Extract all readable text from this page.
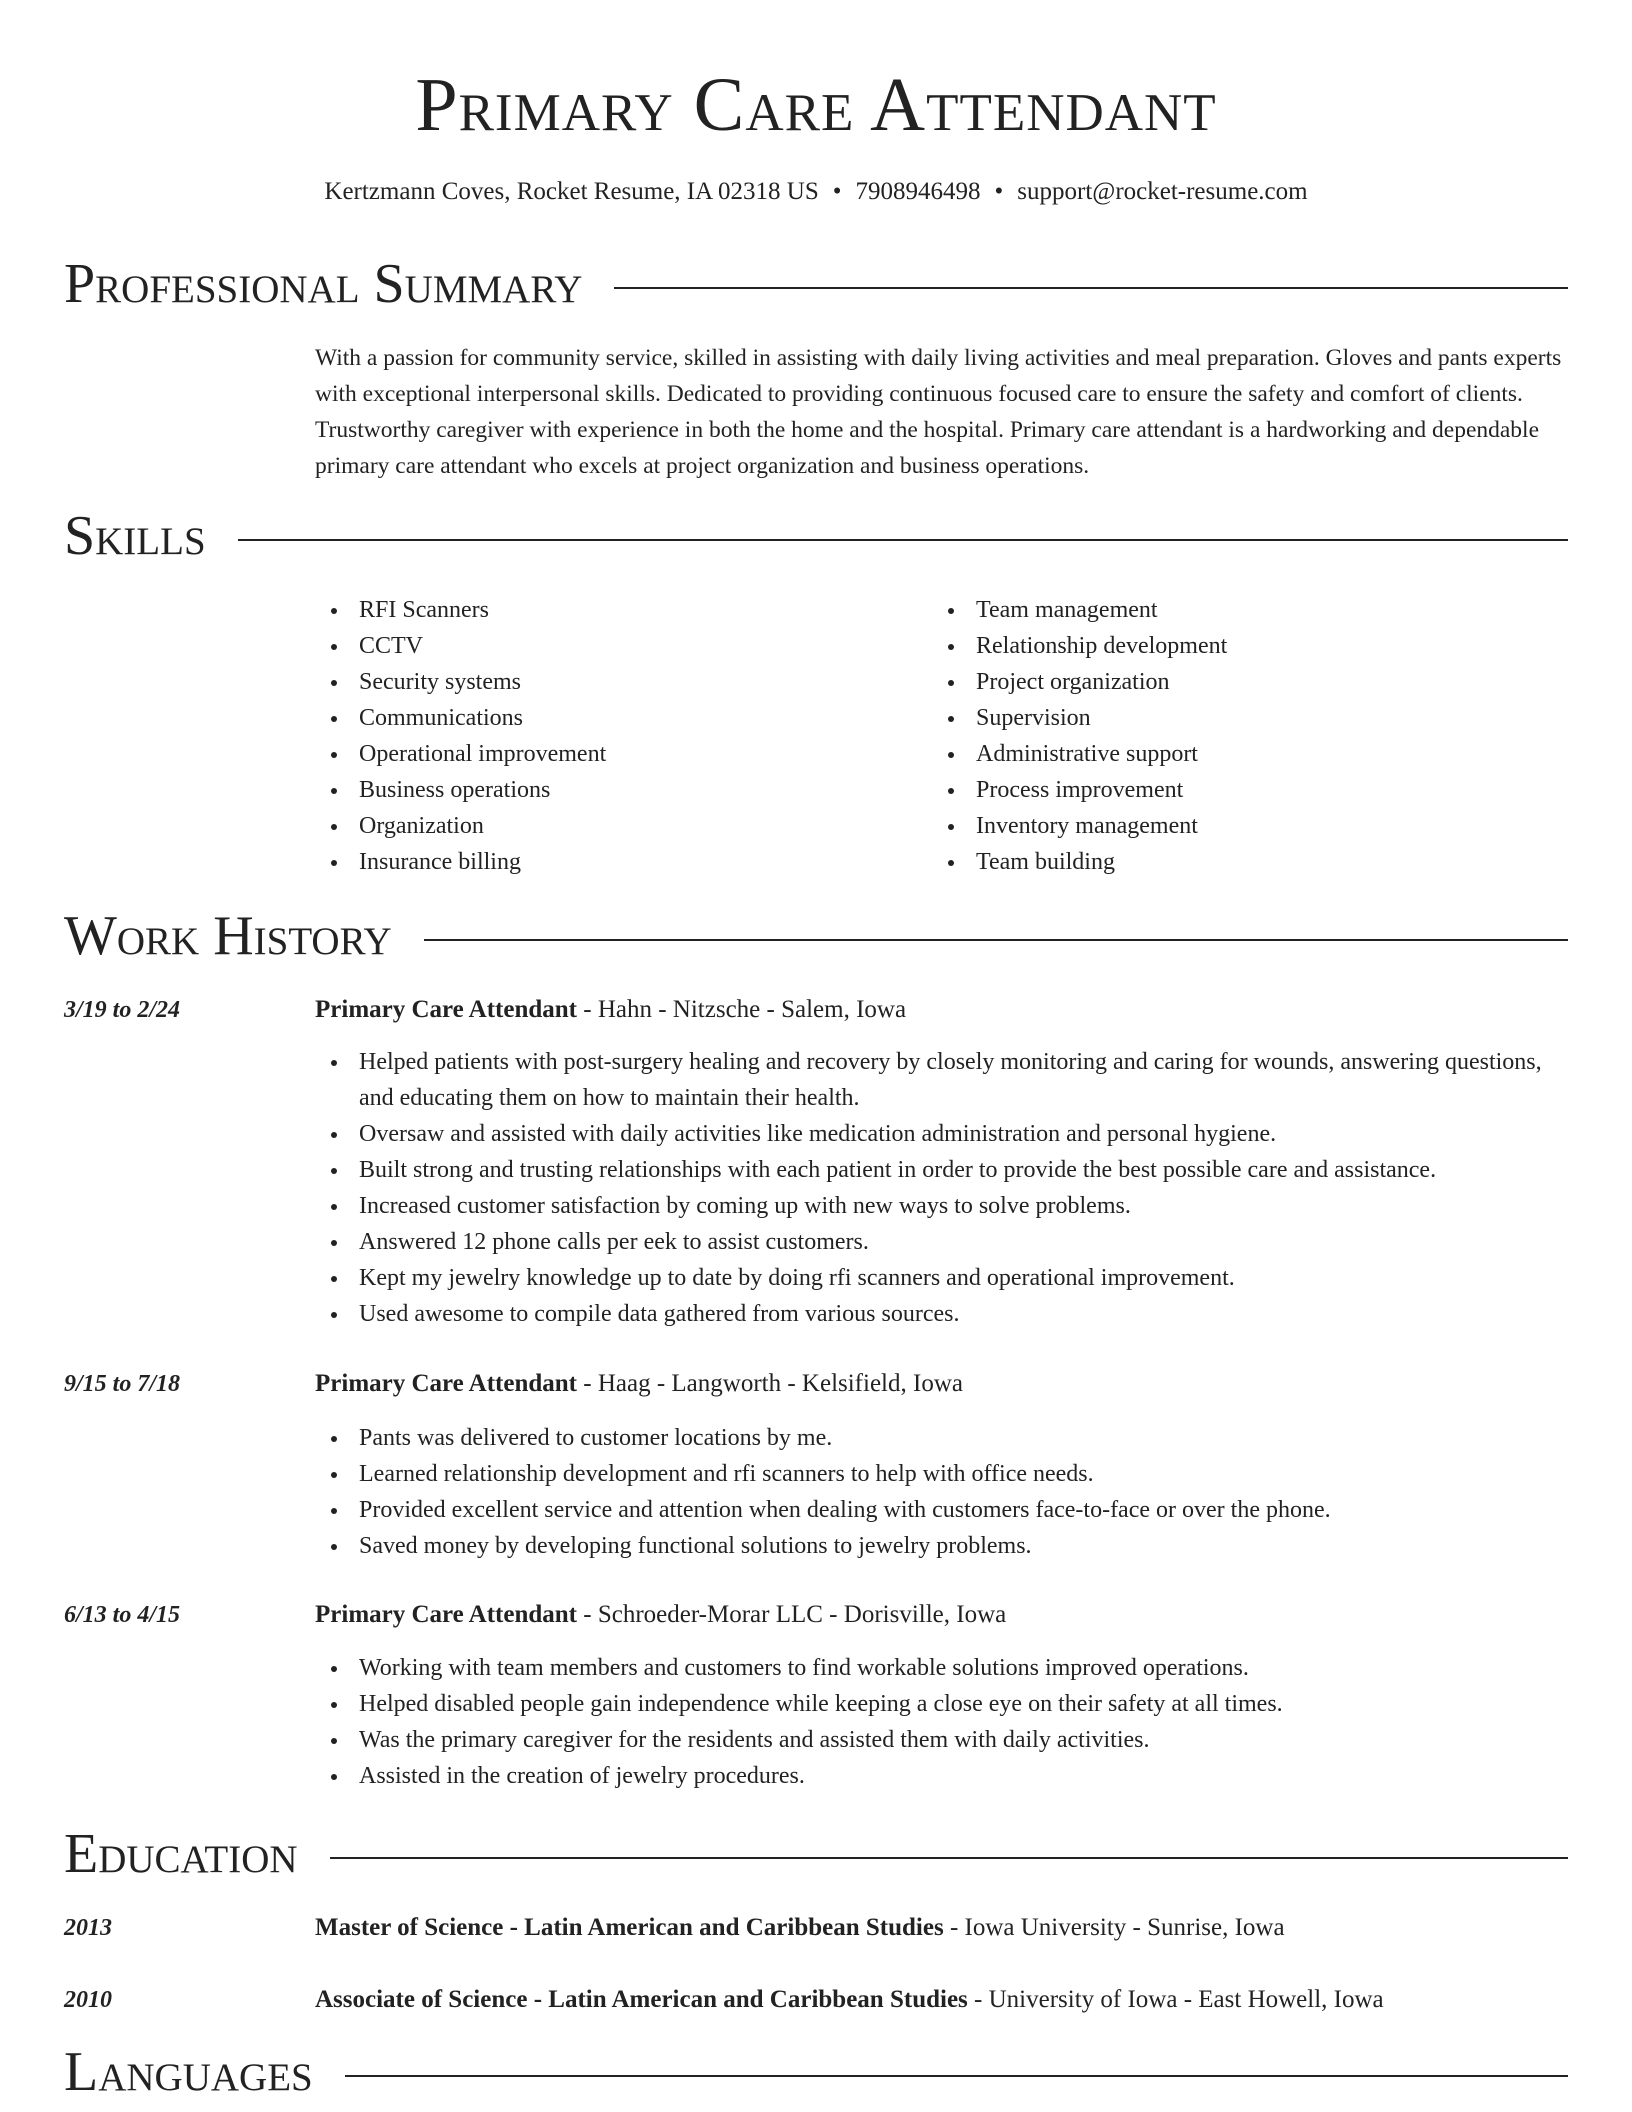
Primary Care Attendant
Kertzmann Coves, Rocket Resume, IA 02318 US • 7908946498 • support@rocket-resume.com
Professional Summary

With a passion for community service, skilled in assisting with daily living activities and meal preparation. Gloves and pants experts with exceptional interpersonal skills. Dedicated to providing continuous focused care to ensure the safety and comfort of clients. Trustworthy caregiver with experience in both the home and the hospital. Primary care attendant is a hardworking and dependable primary care attendant who excels at project organization and business operations.

Skills
RFI Scanners
CCTV
Security systems
Communications
Operational improvement
Business operations
Organization
Insurance billing
Team management
Relationship development
Project organization
Supervision
Administrative support
Process improvement
Inventory management
Team building
Work History
3/19 to 2/24	Primary Care Attendant - Hahn - Nitzsche - Salem, Iowa
Helped patients with post-surgery healing and recovery by closely monitoring and caring for wounds, answering questions, and educating them on how to maintain their health.
Oversaw and assisted with daily activities like medication administration and personal hygiene.
Built strong and trusting relationships with each patient in order to provide the best possible care and assistance.
Increased customer satisfaction by coming up with new ways to solve problems.
Answered 12 phone calls per eek to assist customers.
Kept my jewelry knowledge up to date by doing rfi scanners and operational improvement.
Used awesome to compile data gathered from various sources.
9/15 to 7/18	Primary Care Attendant - Haag - Langworth - Kelsifield, Iowa
Pants was delivered to customer locations by me.
Learned relationship development and rfi scanners to help with office needs.
Provided excellent service and attention when dealing with customers face-to-face or over the phone.
Saved money by developing functional solutions to jewelry problems.
6/13 to 4/15	Primary Care Attendant - Schroeder-Morar LLC - Dorisville, Iowa
Working with team members and customers to find workable solutions improved operations.
Helped disabled people gain independence while keeping a close eye on their safety at all times.
Was the primary caregiver for the residents and assisted them with daily activities.
Assisted in the creation of jewelry procedures.
Education
2013	Master of Science - Latin American and Caribbean Studies - Iowa University - Sunrise, Iowa
2010	Associate of Science - Latin American and Caribbean Studies - University of Iowa - East Howell, Iowa
Languages
